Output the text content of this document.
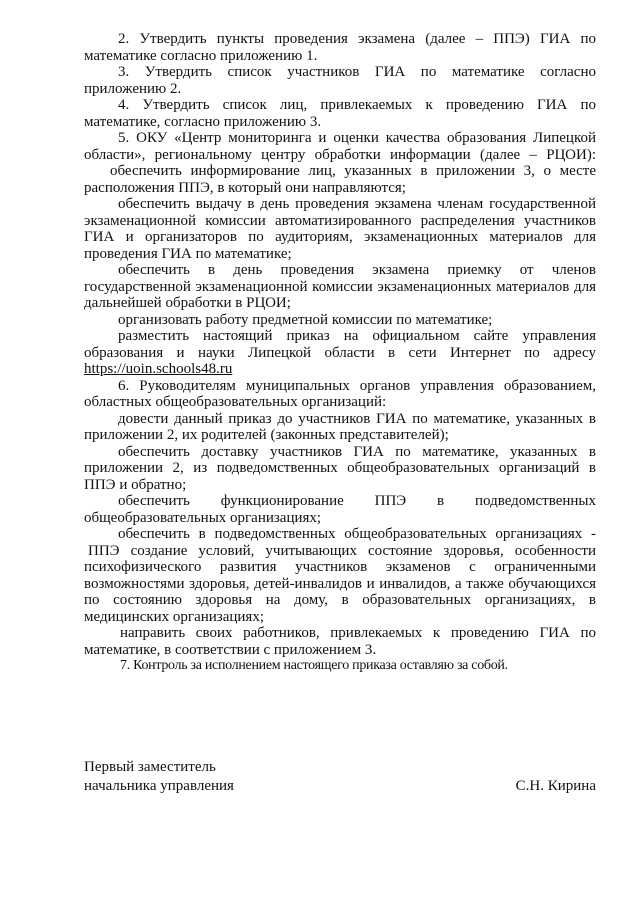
2. Утвердить пункты проведения экзамена (далее – ППЭ) ГИА по
математике согласно приложению 1.
3. Утвердить список участников ГИА по математике согласно
приложению 2.
4. Утвердить список лиц, привлекаемых к проведению ГИА по
математике, согласно приложению 3.
5. ОКУ «Центр мониторинга и оценки качества образования Липецкой
области», региональному центру обработки информации (далее – РЦОИ):
обеспечить информирование лиц, указанных в приложении 3, о месте
расположения ППЭ, в который они направляются;
обеспечить выдачу в день проведения экзамена членам государственной
экзаменационной комиссии автоматизированного распределения участников
ГИА и организаторов по аудиториям, экзаменационных материалов для
проведения ГИА по математике;
обеспечить в день проведения экзамена приемку от членов
государственной экзаменационной комиссии экзаменационных материалов для
дальнейшей обработки в РЦОИ;
организовать работу предметной комиссии по математике;
разместить настоящий приказ на официальном сайте управления
образования и науки Липецкой области в сети Интернет по адресу
https://uoin.schools48.ru
6. Руководителям муниципальных органов управления образованием,
областных общеобразовательных организаций:
довести данный приказ до участников ГИА по математике, указанных в
приложении 2, их родителей (законных представителей);
обеспечить доставку участников ГИА по математике, указанных в
приложении 2, из подведомственных общеобразовательных организаций в
ППЭ и обратно;
обеспечить функционирование ППЭ в подведомственных
общеобразовательных организациях;
обеспечить в подведомственных общеобразовательных организациях -
ППЭ создание условий, учитывающих состояние здоровья, особенности
психофизического развития участников экзаменов с ограниченными
возможностями здоровья, детей-инвалидов и инвалидов, а также обучающихся
по состоянию здоровья на дому, в образовательных организациях, в
медицинских организациях;
направить своих работников, привлекаемых к проведению ГИА по
математике, в соответствии с приложением 3.
7. Контроль за исполнением настоящего приказа оставляю за собой.
Первый заместитель
начальника управления	С.Н. Кирина
